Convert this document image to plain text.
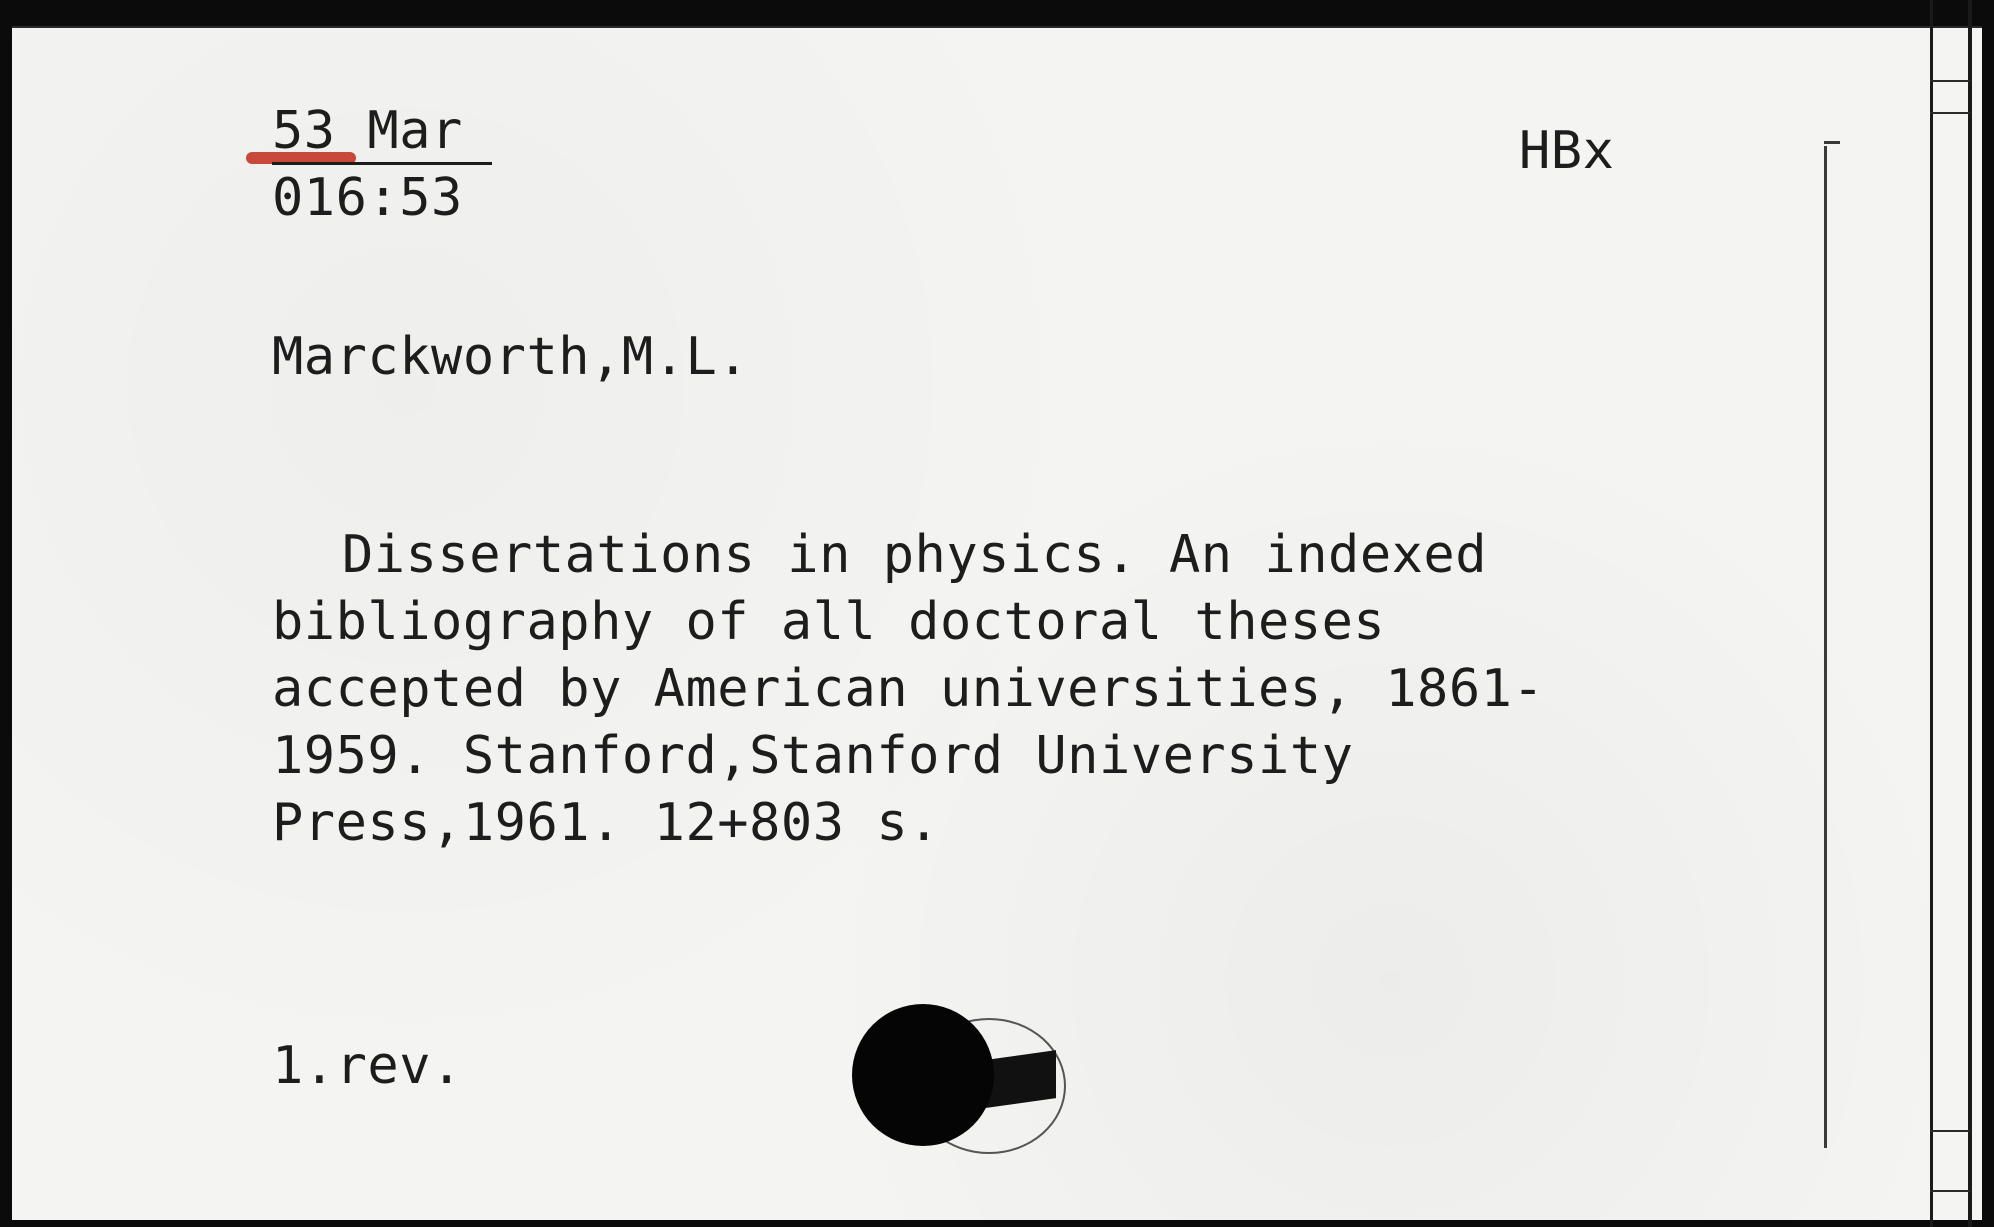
53 Mar
016:53
HBx
Marckworth,M.L.

Dissertations in physics. An indexed bibliography of all doctoral theses accepted by American universities, 1861-1959. Stanford,Stanford University Press,1961. 12+803 s.

1.rev.
